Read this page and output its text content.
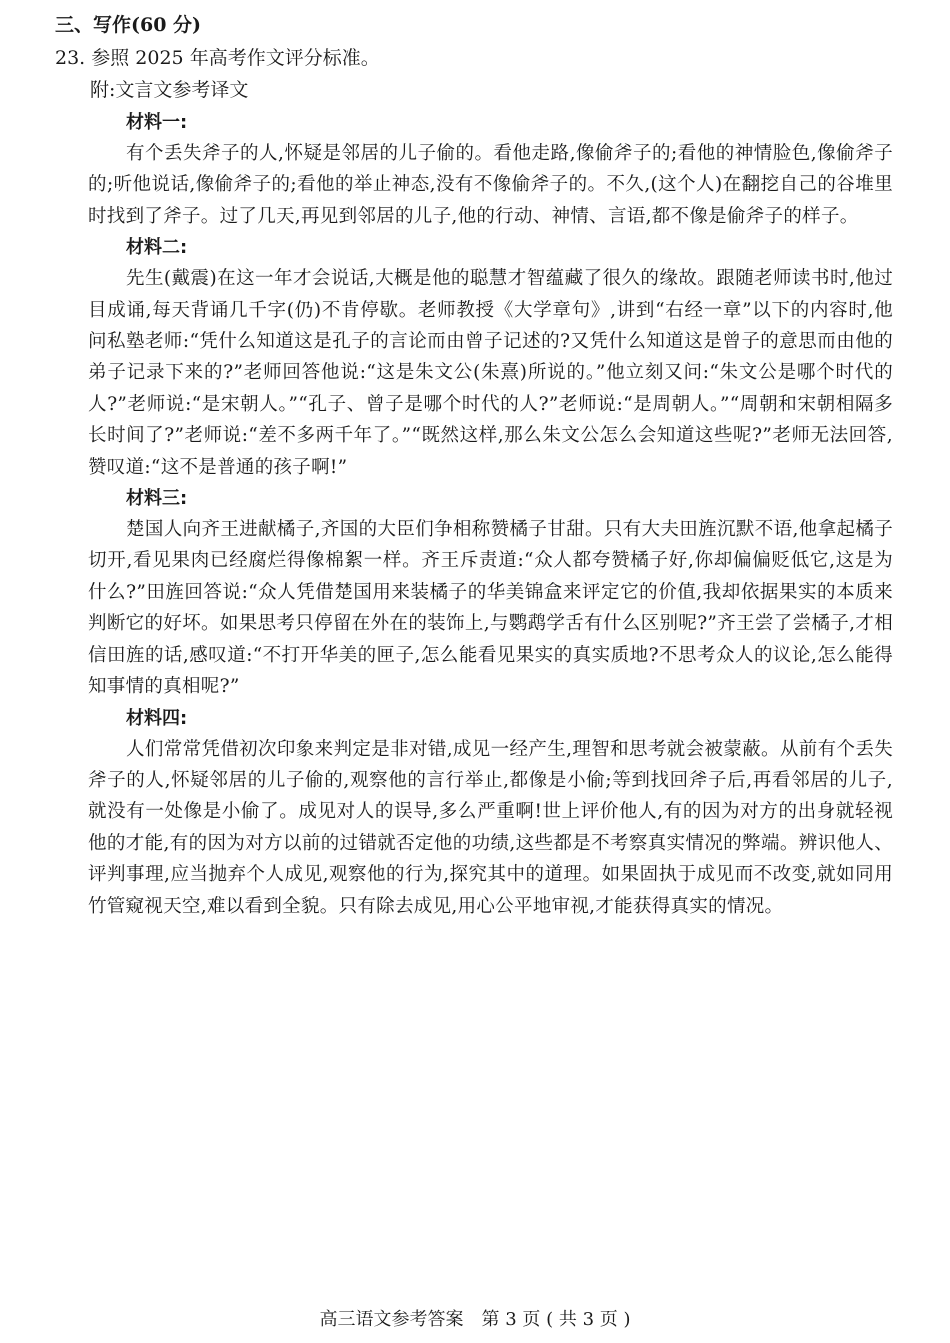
三、写作(60 分)
23. 参照 2025 年高考作文评分标准。
附:文言文参考译文

材料一:

有个丢失斧子的人,怀疑是邻居的儿子偷的。看他走路,像偷斧子的;看他的神情脸色,像偷斧子的;听他说话,像偷斧子的;看他的举止神态,没有不像偷斧子的。不久,(这个人)在翻挖自己的谷堆里时找到了斧子。过了几天,再见到邻居的儿子,他的行动、神情、言语,都不像是偷斧子的样子。

材料二:

先生(戴震)在这一年才会说话,大概是他的聪慧才智蕴藏了很久的缘故。跟随老师读书时,他过目成诵,每天背诵几千字(仍)不肯停歇。老师教授《大学章句》,讲到“右经一章”以下的内容时,他问私塾老师:“凭什么知道这是孔子的言论而由曾子记述的?又凭什么知道这是曾子的意思而由他的弟子记录下来的?”老师回答他说:“这是朱文公(朱熹)所说的。”他立刻又问:“朱文公是哪个时代的人?”老师说:“是宋朝人。”“孔子、曾子是哪个时代的人?”老师说:“是周朝人。”“周朝和宋朝相隔多长时间了?”老师说:“差不多两千年了。”“既然这样,那么朱文公怎么会知道这些呢?”老师无法回答,赞叹道:“这不是普通的孩子啊!”

材料三:

楚国人向齐王进献橘子,齐国的大臣们争相称赞橘子甘甜。只有大夫田旌沉默不语,他拿起橘子切开,看见果肉已经腐烂得像棉絮一样。齐王斥责道:“众人都夸赞橘子好,你却偏偏贬低它,这是为什么?”田旌回答说:“众人凭借楚国用来装橘子的华美锦盒来评定它的价值,我却依据果实的本质来判断它的好坏。如果思考只停留在外在的装饰上,与鹦鹉学舌有什么区别呢?”齐王尝了尝橘子,才相信田旌的话,感叹道:“不打开华美的匣子,怎么能看见果实的真实质地?不思考众人的议论,怎么能得知事情的真相呢?”

材料四:

人们常常凭借初次印象来判定是非对错,成见一经产生,理智和思考就会被蒙蔽。从前有个丢失斧子的人,怀疑邻居的儿子偷的,观察他的言行举止,都像是小偷;等到找回斧子后,再看邻居的儿子,就没有一处像是小偷了。成见对人的误导,多么严重啊!世上评价他人,有的因为对方的出身就轻视他的才能,有的因为对方以前的过错就否定他的功绩,这些都是不考察真实情况的弊端。辨识他人、评判事理,应当抛弃个人成见,观察他的行为,探究其中的道理。如果固执于成见而不改变,就如同用竹管窥视天空,难以看到全貌。只有除去成见,用心公平地审视,才能获得真实的情况。

高三语文参考答案　第 3 页 ( 共 3 页 )
